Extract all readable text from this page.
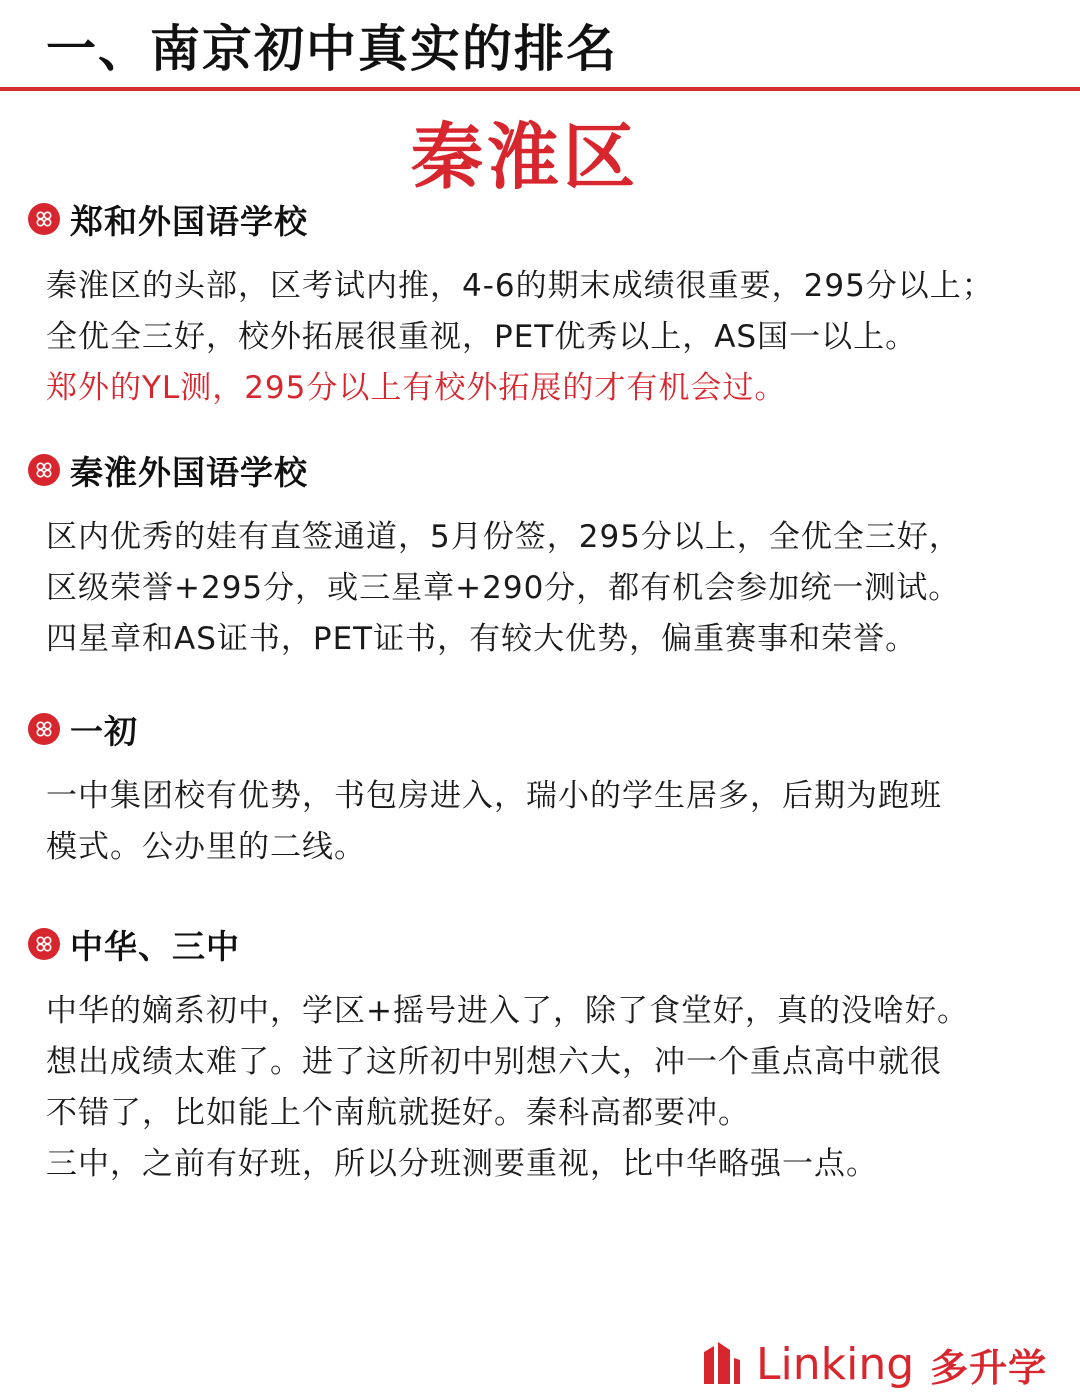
一、南京初中真实的排名
秦淮区
郑和外国语学校
秦淮区的头部，区考试内推，4-6的期末成绩很重要，295分以上；
全优全三好，校外拓展很重视，PET优秀以上，AS国一以上。
郑外的YL测，295分以上有校外拓展的才有机会过。
秦淮外国语学校
区内优秀的娃有直签通道，5月份签，295分以上，全优全三好，
区级荣誉+295分，或三星章+290分，都有机会参加统一测试。
四星章和AS证书，PET证书，有较大优势，偏重赛事和荣誉。
一初
一中集团校有优势，书包房进入，瑞小的学生居多，后期为跑班
模式。公办里的二线。
中华、三中
中华的嫡系初中，学区+摇号进入了，除了食堂好，真的没啥好。
想出成绩太难了。进了这所初中别想六大，冲一个重点高中就很
不错了，比如能上个南航就挺好。秦科高都要冲。
三中，之前有好班，所以分班测要重视，比中华略强一点。
Linking 多升学
